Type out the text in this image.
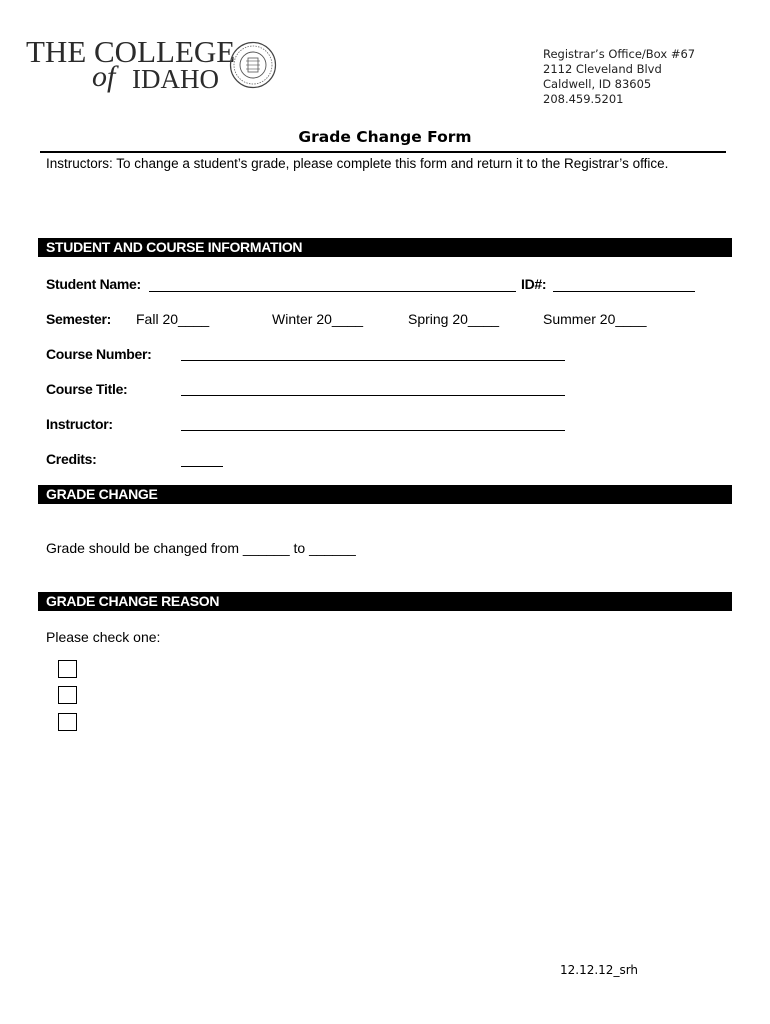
THE COLLEGE
of IDAHO
Registrar’s Office/Box #67
2112 Cleveland Blvd
Caldwell, ID 83605
208.459.5201
Grade Change Form
Instructors: To change a student’s grade, please complete this form and return it to the Registrar’s office.
STUDENT AND COURSE INFORMATION
Student Name:	ID#:
Semester: Fall 20____	Winter 20____	Spring 20____	Summer 20____
Course Number:
Course Title:
Instructor:
Credits:
GRADE CHANGE
Grade should be changed from ______ to ______
GRADE CHANGE REASON
Please check one:
12.12.12_srh
